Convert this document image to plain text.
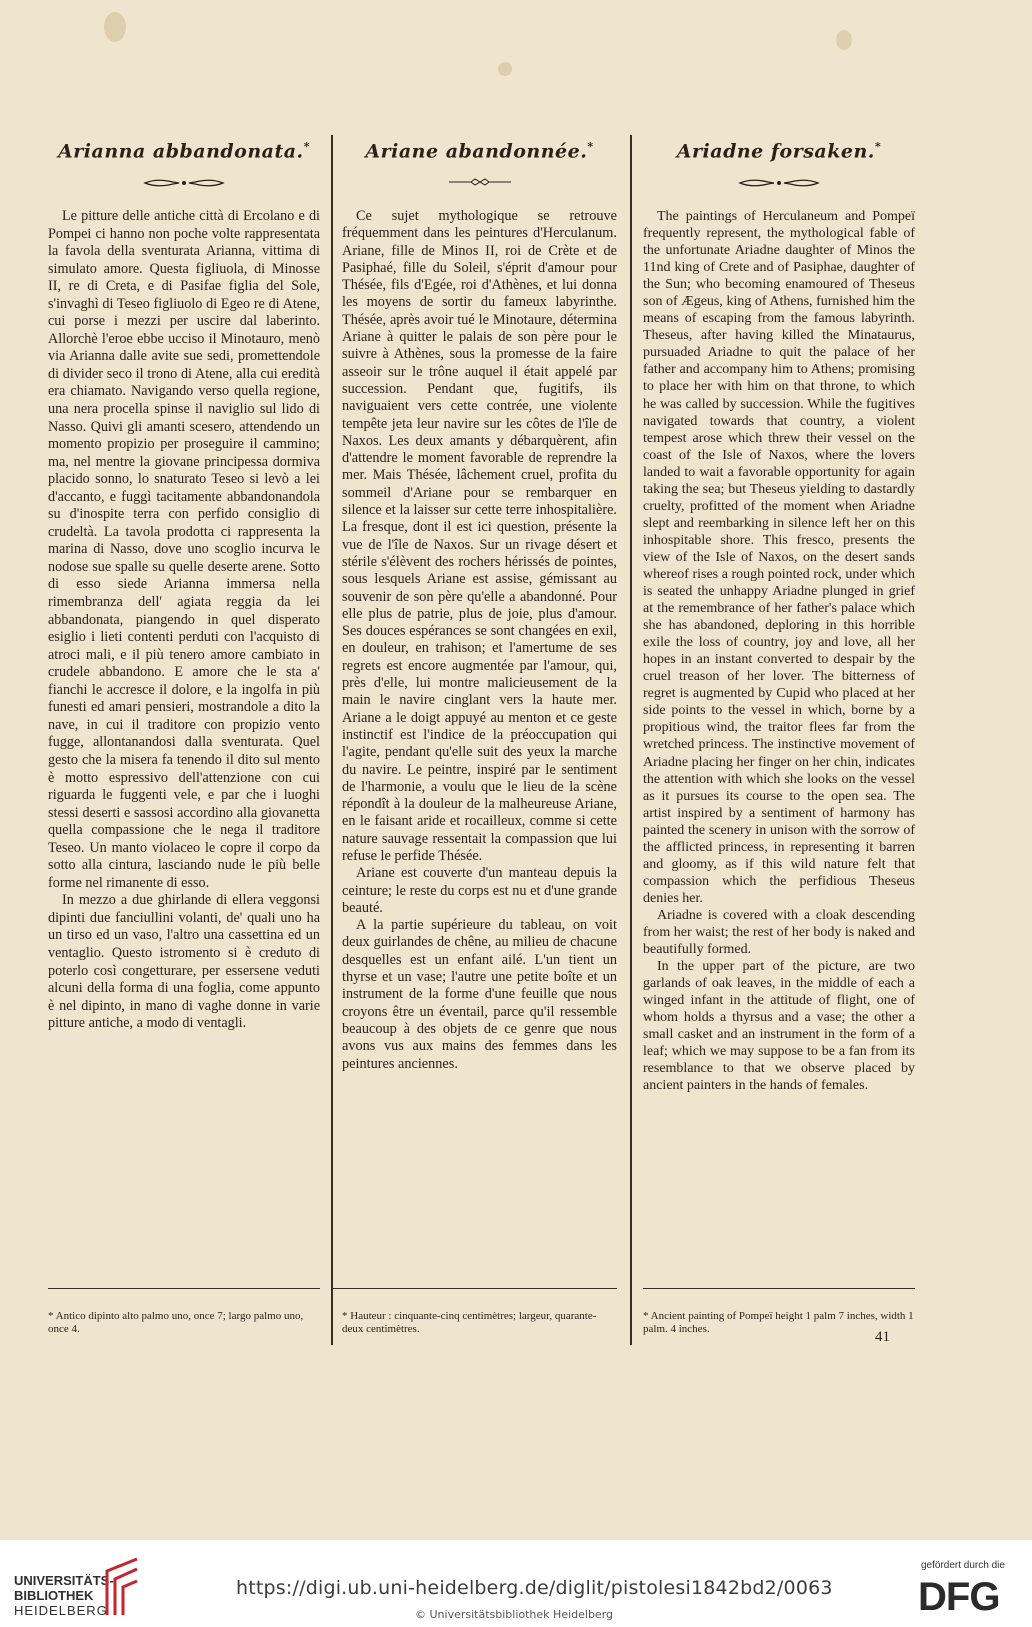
Arianna abbandonata.*

Le pitture delle antiche città di Ercolano e di Pompei ci hanno non poche volte rappresentata la favola della sventurata Arianna, vittima di simulato amore. Questa figliuola, di Minosse II, re di Creta, e di Pasifae figlia del Sole, s'invaghì di Teseo figliuolo di Egeo re di Atene, cui porse i mezzi per uscire dal laberinto. Allorchè l'eroe ebbe ucciso il Minotauro, menò via Arianna dalle avite sue sedi, promettendole di divider seco il trono di Atene, alla cui eredità era chiamato. Navigando verso quella regione, una nera procella spinse il naviglio sul lido di Nasso. Quivi gli amanti scesero, attendendo un momento propizio per proseguire il cammino; ma, nel mentre la giovane principessa dormiva placido sonno, lo snaturato Teseo si levò a lei d'accanto, e fuggì tacitamente abbandonandola su d'inospite terra con perfido consiglio di crudeltà. La tavola prodotta ci rappresenta la marina di Nasso, dove uno scoglio incurva le nodose sue spalle su quelle deserte arene. Sotto di esso siede Arianna immersa nella rimembranza dell' agiata reggia da lei abbandonata, piangendo in quel disperato esiglio i lieti contenti perduti con l'acquisto di atroci mali, e il più tenero amore cambiato in crudele abbandono. E amore che le sta a' fianchi le accresce il dolore, e la ingolfa in più funesti ed amari pensieri, mostrandole a dito la nave, in cui il traditore con propizio vento fugge, allontanandosi dalla sventurata. Quel gesto che la misera fa tenendo il dito sul mento è motto espressivo dell'attenzione con cui riguarda le fuggenti vele, e par che i luoghi stessi deserti e sassosi accordino alla giovanetta quella compassione che le nega il traditore Teseo. Un manto violaceo le copre il corpo da sotto alla cintura, lasciando nude le più belle forme nel rimanente di esso.

In mezzo a due ghirlande di ellera veggonsi dipinti due fanciullini volanti, de' quali uno ha un tirso ed un vaso, l'altro una cassettina ed un ventaglio. Questo istromento si è creduto di poterlo così congetturare, per essersene veduti alcuni della forma di una foglia, come appunto è nel dipinto, in mano di vaghe donne in varie pitture antiche, a modo di ventagli.

* Antico dipinto alto palmo uno, once 7; largo palmo uno, once 4.
Ariane abandonnée.*

Ce sujet mythologique se retrouve fréquemment dans les peintures d'Herculanum. Ariane, fille de Minos II, roi de Crète et de Pasiphaé, fille du Soleil, s'éprit d'amour pour Thésée, fils d'Egée, roi d'Athènes, et lui donna les moyens de sortir du fameux labyrinthe. Thésée, après avoir tué le Minotaure, détermina Ariane à quitter le palais de son père pour le suivre à Athènes, sous la promesse de la faire asseoir sur le trône auquel il était appelé par succession. Pendant que, fugitifs, ils naviguaient vers cette contrée, une violente tempête jeta leur navire sur les côtes de l'île de Naxos. Les deux amants y débarquèrent, afin d'attendre le moment favorable de reprendre la mer. Mais Thésée, lâchement cruel, profita du sommeil d'Ariane pour se rembarquer en silence et la laisser sur cette terre inhospitalière. La fresque, dont il est ici question, présente la vue de l'île de Naxos. Sur un rivage désert et stérile s'élèvent des rochers hérissés de pointes, sous lesquels Ariane est assise, gémissant au souvenir de son père qu'elle a abandonné. Pour elle plus de patrie, plus de joie, plus d'amour. Ses douces espérances se sont changées en exil, en douleur, en trahison; et l'amertume de ses regrets est encore augmentée par l'amour, qui, près d'elle, lui montre malicieusement de la main le navire cinglant vers la haute mer. Ariane a le doigt appuyé au menton et ce geste instinctif est l'indice de la préoccupation qui l'agite, pendant qu'elle suit des yeux la marche du navire. Le peintre, inspiré par le sentiment de l'harmonie, a voulu que le lieu de la scène répondît à la douleur de la malheureuse Ariane, en le faisant aride et rocailleux, comme si cette nature sauvage ressentait la compassion que lui refuse le perfide Thésée.

Ariane est couverte d'un manteau depuis la ceinture; le reste du corps est nu et d'une grande beauté.

A la partie supérieure du tableau, on voit deux guirlandes de chêne, au milieu de chacune desquelles est un enfant ailé. L'un tient un thyrse et un vase; l'autre une petite boîte et un instrument de la forme d'une feuille que nous croyons être un éventail, parce qu'il ressemble beaucoup à des objets de ce genre que nous avons vus aux mains des femmes dans les peintures anciennes.

* Hauteur : cinquante-cinq centimètres; largeur, quarante-deux centimètres.
Ariadne forsaken.*

The paintings of Herculaneum and Pompeï frequently represent, the mythological fable of the unfortunate Ariadne daughter of Minos the 11nd king of Crete and of Pasiphae, daughter of the Sun; who becoming enamoured of Theseus son of Ægeus, king of Athens, furnished him the means of escaping from the famous labyrinth. Theseus, after having killed the Minataurus, pursuaded Ariadne to quit the palace of her father and accompany him to Athens; promising to place her with him on that throne, to which he was called by succession. While the fugitives navigated towards that country, a violent tempest arose which threw their vessel on the coast of the Isle of Naxos, where the lovers landed to wait a favorable opportunity for again taking the sea; but Theseus yielding to dastardly cruelty, profitted of the moment when Ariadne slept and reembarking in silence left her on this inhospitable shore. This fresco, presents the view of the Isle of Naxos, on the desert sands whereof rises a rough pointed rock, under which is seated the unhappy Ariadne plunged in grief at the remembrance of her father's palace which she has abandoned, deploring in this horrible exile the loss of country, joy and love, all her hopes in an instant converted to despair by the cruel treason of her lover. The bitterness of regret is augmented by Cupid who placed at her side points to the vessel in which, borne by a propitious wind, the traitor flees far from the wretched princess. The instinctive movement of Ariadne placing her finger on her chin, indicates the attention with which she looks on the vessel as it pursues its course to the open sea. The artist inspired by a sentiment of harmony has painted the scenery in unison with the sorrow of the afflicted princess, in representing it barren and gloomy, as if this wild nature felt that compassion which the perfidious Theseus denies her.

Ariadne is covered with a cloak descending from her waist; the rest of her body is naked and beautifully formed.

In the upper part of the picture, are two garlands of oak leaves, in the middle of each a winged infant in the attitude of flight, one of whom holds a thyrsus and a vase; the other a small casket and an instrument in the form of a leaf; which we may suppose to be a fan from its resemblance to that we observe placed by ancient painters in the hands of females.

* Ancient painting of Pompeï height 1 palm 7 inches, width 1 palm. 4 inches.	41
UNIVERSITÄTS-
BIBLIOTHEK
HEIDELBERG
https://digi.ub.uni-heidelberg.de/diglit/pistolesi1842bd2/0063
© Universitätsbibliothek Heidelberg
gefördert durch die
DFG
